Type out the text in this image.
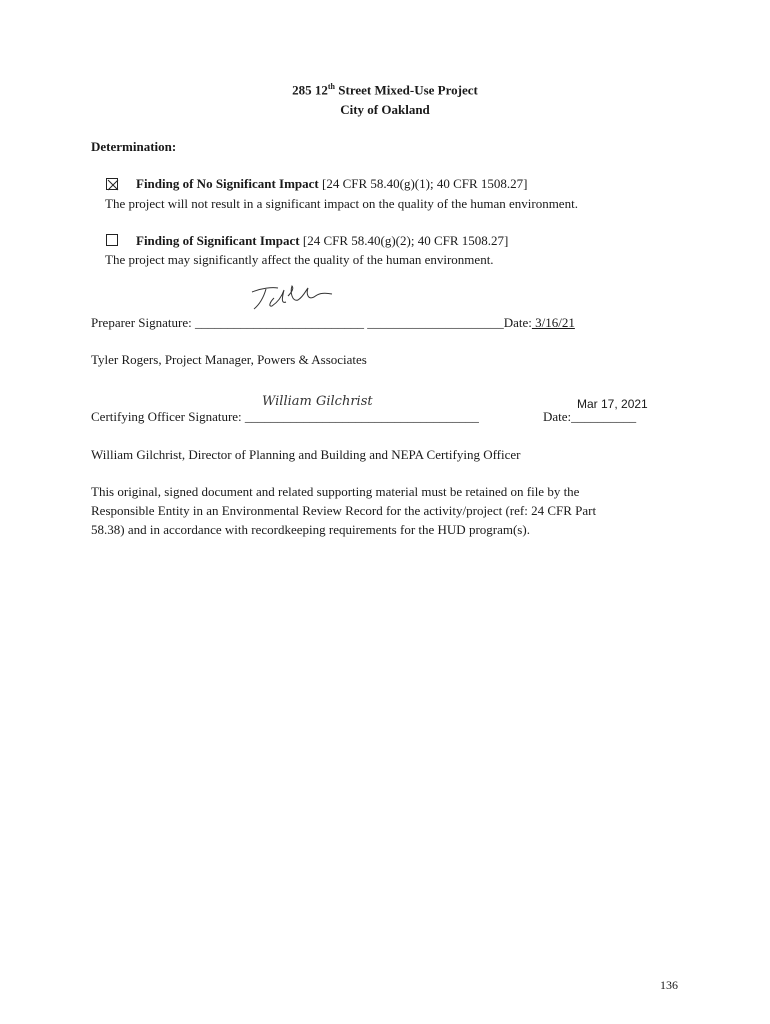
285 12th Street Mixed-Use Project
City of Oakland
Determination:
Finding of No Significant Impact [24 CFR 58.40(g)(1); 40 CFR 1508.27]
The project will not result in a significant impact on the quality of the human environment.
Finding of Significant Impact [24 CFR 58.40(g)(2); 40 CFR 1508.27]
The project may significantly affect the quality of the human environment.
Preparer Signature: __________________________ _____________________Date: 3/16/21
Tyler Rogers, Project Manager, Powers & Associates
William Gilchrist	Mar 17, 2021
Certifying Officer Signature: ____________________________________	Date:__________
William Gilchrist, Director of Planning and Building and NEPA Certifying Officer
This original, signed document and related supporting material must be retained on file by the
Responsible Entity in an Environmental Review Record for the activity/project (ref: 24 CFR Part
58.38) and in accordance with recordkeeping requirements for the HUD program(s).
136
